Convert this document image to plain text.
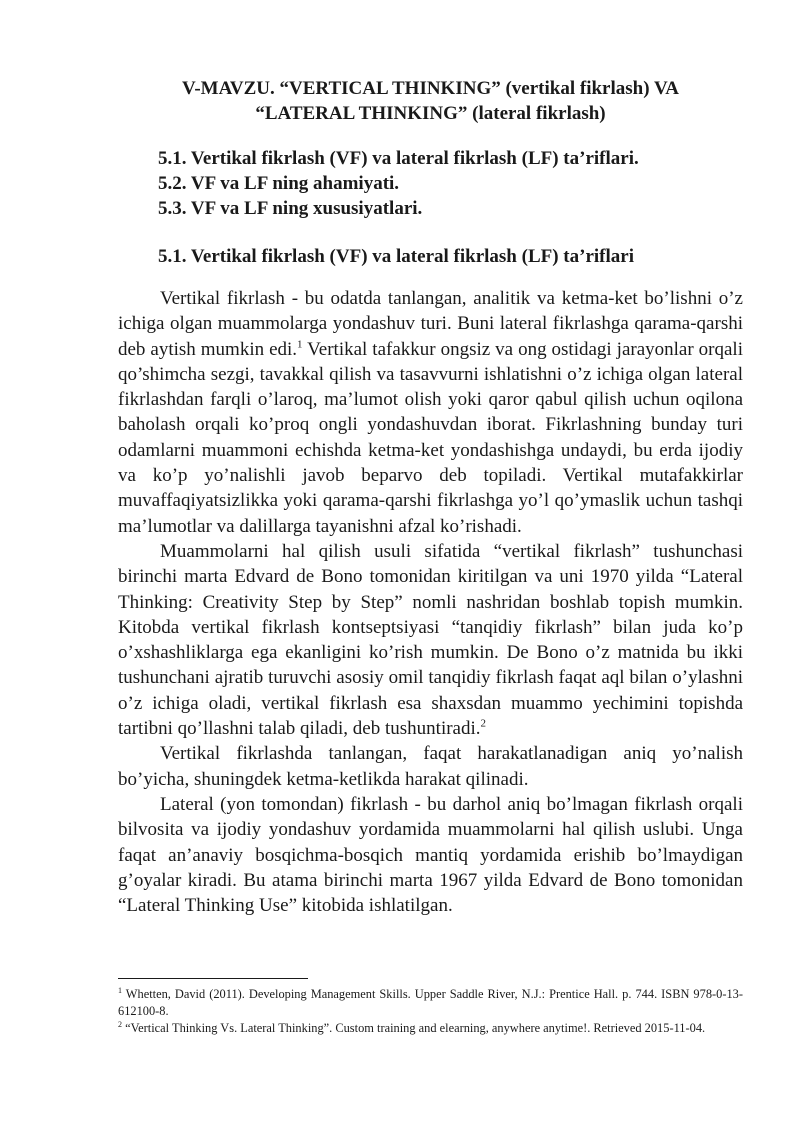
V-MAVZU. “VERTICAL THINKING” (vertikal fikrlash) VA
“LATERAL THINKING” (lateral fikrlash)
5.1. Vertikal fikrlash (VF) va lateral fikrlash (LF) ta’riflari.
5.2. VF va LF ning ahamiyati.
5.3. VF va LF ning xususiyatlari.
5.1. Vertikal fikrlash (VF) va lateral fikrlash (LF) ta’riflari

Vertikal fikrlash - bu odatda tanlangan, analitik va ketma-ket bo’lishni o’z ichiga olgan muammolarga yondashuv turi. Buni lateral fikrlashga qarama-qarshi deb aytish mumkin edi.$^1$ Vertikal tafakkur ongsiz va ong ostidagi jarayonlar orqali qo’shimcha sezgi, tavakkal qilish va tasavvurni ishlatishni o’z ichiga olgan lateral fikrlashdan farqli o’laroq, ma’lumot olish yoki qaror qabul qilish uchun oqilona baholash orqali ko’proq ongli yondashuvdan iborat. Fikrlashning bunday turi odamlarni muammoni echishda ketma-ket yondashishga undaydi, bu erda ijodiy va ko’p yo’nalishli javob beparvo deb topiladi. Vertikal mutafakkirlar muvaffaqiyatsizlikka yoki qarama-qarshi fikrlashga yo’l qo’ymaslik uchun tashqi ma’lumotlar va dalillarga tayanishni afzal ko’rishadi.

Muammolarni hal qilish usuli sifatida “vertikal fikrlash” tushunchasi birinchi marta Edvard de Bono tomonidan kiritilgan va uni 1970 yilda “Lateral Thinking: Creativity Step by Step” nomli nashridan boshlab topish mumkin. Kitobda vertikal fikrlash kontseptsiyasi “tanqidiy fikrlash” bilan juda ko’p o’xshashliklarga ega ekanligini ko’rish mumkin. De Bono o’z matnida bu ikki tushunchani ajratib turuvchi asosiy omil tanqidiy fikrlash faqat aql bilan o’ylashni o’z ichiga oladi, vertikal fikrlash esa shaxsdan muammo yechimini topishda tartibni qo’llashni talab qiladi, deb tushuntiradi.$^2$

Vertikal fikrlashda tanlangan, faqat harakatlanadigan aniq yo’nalish bo’yicha, shuningdek ketma-ketlikda harakat qilinadi.

Lateral (yon tomondan) fikrlash - bu darhol aniq bo’lmagan fikrlash orqali bilvosita va ijodiy yondashuv yordamida muammolarni hal qilish uslubi. Unga faqat an’anaviy bosqichma-bosqich mantiq yordamida erishib bo’lmaydigan g’oyalar kiradi. Bu atama birinchi marta 1967 yilda Edvard de Bono tomonidan “Lateral Thinking Use” kitobida ishlatilgan.

$^1$ Whetten, David (2011). Developing Management Skills. Upper Saddle River, N.J.: Prentice Hall. p. 744. ISBN 978-0-13-612100-8.

$^2$ “Vertical Thinking Vs. Lateral Thinking”. Custom training and elearning, anywhere anytime!. Retrieved 2015-11-04.
